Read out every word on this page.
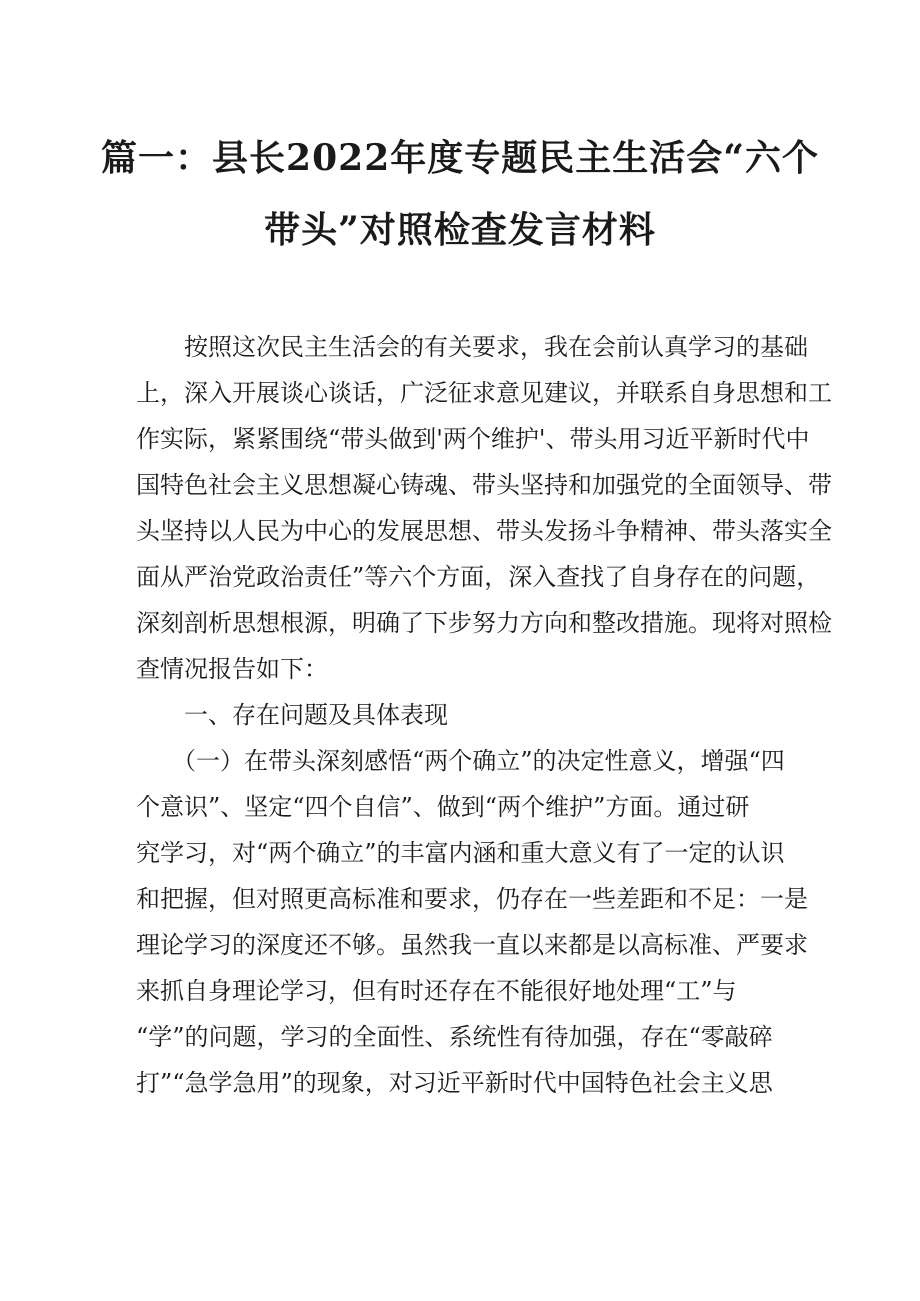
篇一：县长2022年度专题民主生活会“六个
带头”对照检查发言材料
按照这次民主生活会的有关要求，我在会前认真学习的基础
上，深入开展谈心谈话，广泛征求意见建议，并联系自身思想和工
作实际，紧紧围绕“带头做到'两个维护'、带头用习近平新时代中
国特色社会主义思想凝心铸魂、带头坚持和加强党的全面领导、带
头坚持以人民为中心的发展思想、带头发扬斗争精神、带头落实全
面从严治党政治责任”等六个方面，深入查找了自身存在的问题，
深刻剖析思想根源，明确了下步努力方向和整改措施。现将对照检
查情况报告如下：
一、存在问题及具体表现
（一）在带头深刻感悟“两个确立”的决定性意义，增强“四
个意识”、坚定“四个自信”、做到“两个维护”方面。通过研
究学习，对“两个确立”的丰富内涵和重大意义有了一定的认识
和把握，但对照更高标准和要求，仍存在一些差距和不足：一是
理论学习的深度还不够。虽然我一直以来都是以高标准、严要求
来抓自身理论学习，但有时还存在不能很好地处理“工”与
“学”的问题，学习的全面性、系统性有待加强，存在“零敲碎
打”“急学急用”的现象，对习近平新时代中国特色社会主义思
